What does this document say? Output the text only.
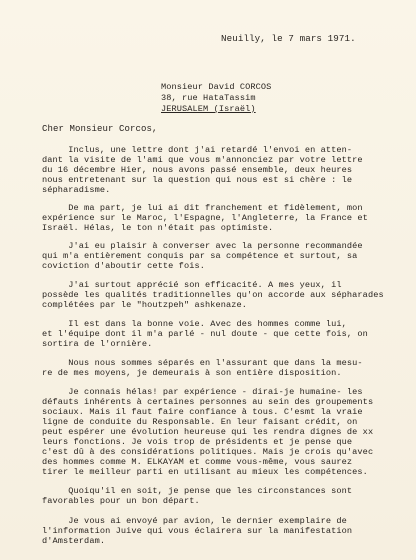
Neuilly, le 7 mars 1971.
Monsieur David CORCOS
38, rue HataTassim
JERUSALEM (Israël)
Cher Monsieur Corcos,
Inclus, une lettre dont j'ai retardé l'envoi en atten-
dant la visite de l'ami que vous m'annonciez par votre lettre
du 16 décembre Hier, nous avons passé ensemble, deux heures
nous entretenant sur la question qui nous est si chère : le
sépharadisme.
De ma part, je lui ai dit franchement et fidèlement, mon
expérience sur le Maroc, l'Espagne, l'Angleterre, la France et
Israël. Hélas, le ton n'était pas optimiste.
J'ai eu plaisir à converser avec la personne recommandée
qui m'a entièrement conquis par sa compétence et surtout, sa
coviction d'aboutir cette fois.
J'ai surtout apprécié son efficacité. A mes yeux, il
possède les qualités traditionnelles qu'on accorde aux sépharades
complétées par le "houtzpeh" ashkenaze.
Il est dans la bonne voie. Avec des hommes comme lui,
et l'équipe dont il m'a parlé - nul doute - que cette fois, on
sortira de l'ornière.
Nous nous sommes séparés en l'assurant que dans la mesu-
re de mes moyens, je demeurais à son entière disposition.
Je connais hélas! par expérience - dirai-je humaine- les
défauts inhérents à certaines personnes au sein des groupements
sociaux. Mais il faut faire confiance à tous. C'esmt la vraie
ligne de conduite du Responsable. En leur faisant crédit, on
peut espérer une évolution heureuse qui les rendra dignes de xx
leurs fonctions. Je vois trop de présidents et je pense que
c'est dû à des considérations politiques. Mais je crois qu'avec
des hommes comme M. ELKAYAM et comme vous-même, vous saurez
tirer le meilleur parti en utilisant au mieux les compétences.
Quoiqu'il en soit, je pense que les circonstances sont
favorables pour un bon départ.
Je vous ai envoyé par avion, le dernier exemplaire de
l'information Juive qui vous éclairera sur la manifestation
d'Amsterdam.
